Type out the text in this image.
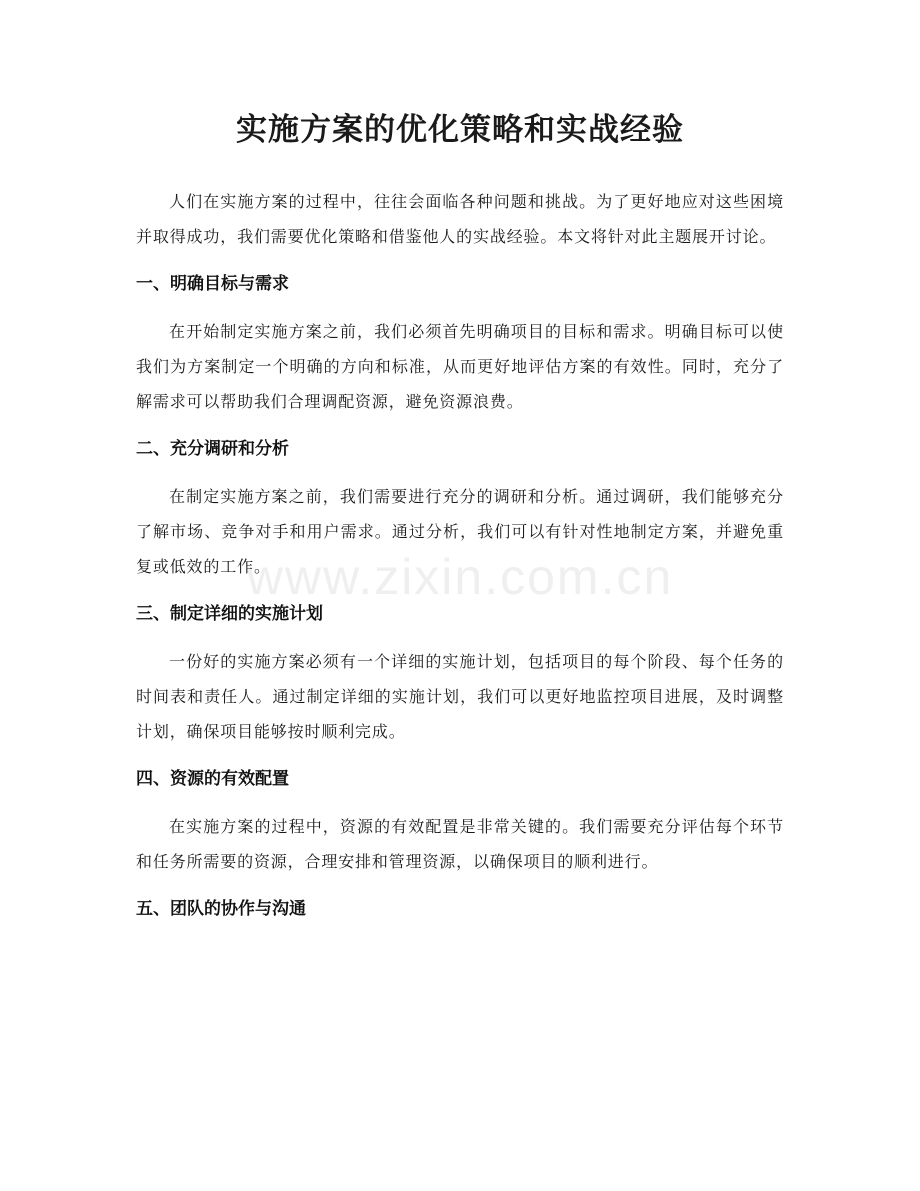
实施方案的优化策略和实战经验

人们在实施方案的过程中，往往会面临各种问题和挑战。为了更好地应对这些困境并取得成功，我们需要优化策略和借鉴他人的实战经验。本文将针对此主题展开讨论。

一、明确目标与需求

在开始制定实施方案之前，我们必须首先明确项目的目标和需求。明确目标可以使我们为方案制定一个明确的方向和标准，从而更好地评估方案的有效性。同时，充分了解需求可以帮助我们合理调配资源，避免资源浪费。

二、充分调研和分析

在制定实施方案之前，我们需要进行充分的调研和分析。通过调研，我们能够充分了解市场、竞争对手和用户需求。通过分析，我们可以有针对性地制定方案，并避免重复或低效的工作。

三、制定详细的实施计划

一份好的实施方案必须有一个详细的实施计划，包括项目的每个阶段、每个任务的时间表和责任人。通过制定详细的实施计划，我们可以更好地监控项目进展，及时调整计划，确保项目能够按时顺利完成。

四、资源的有效配置

在实施方案的过程中，资源的有效配置是非常关键的。我们需要充分评估每个环节和任务所需要的资源，合理安排和管理资源，以确保项目的顺利进行。

五、团队的协作与沟通
www.zixin.com.cn
